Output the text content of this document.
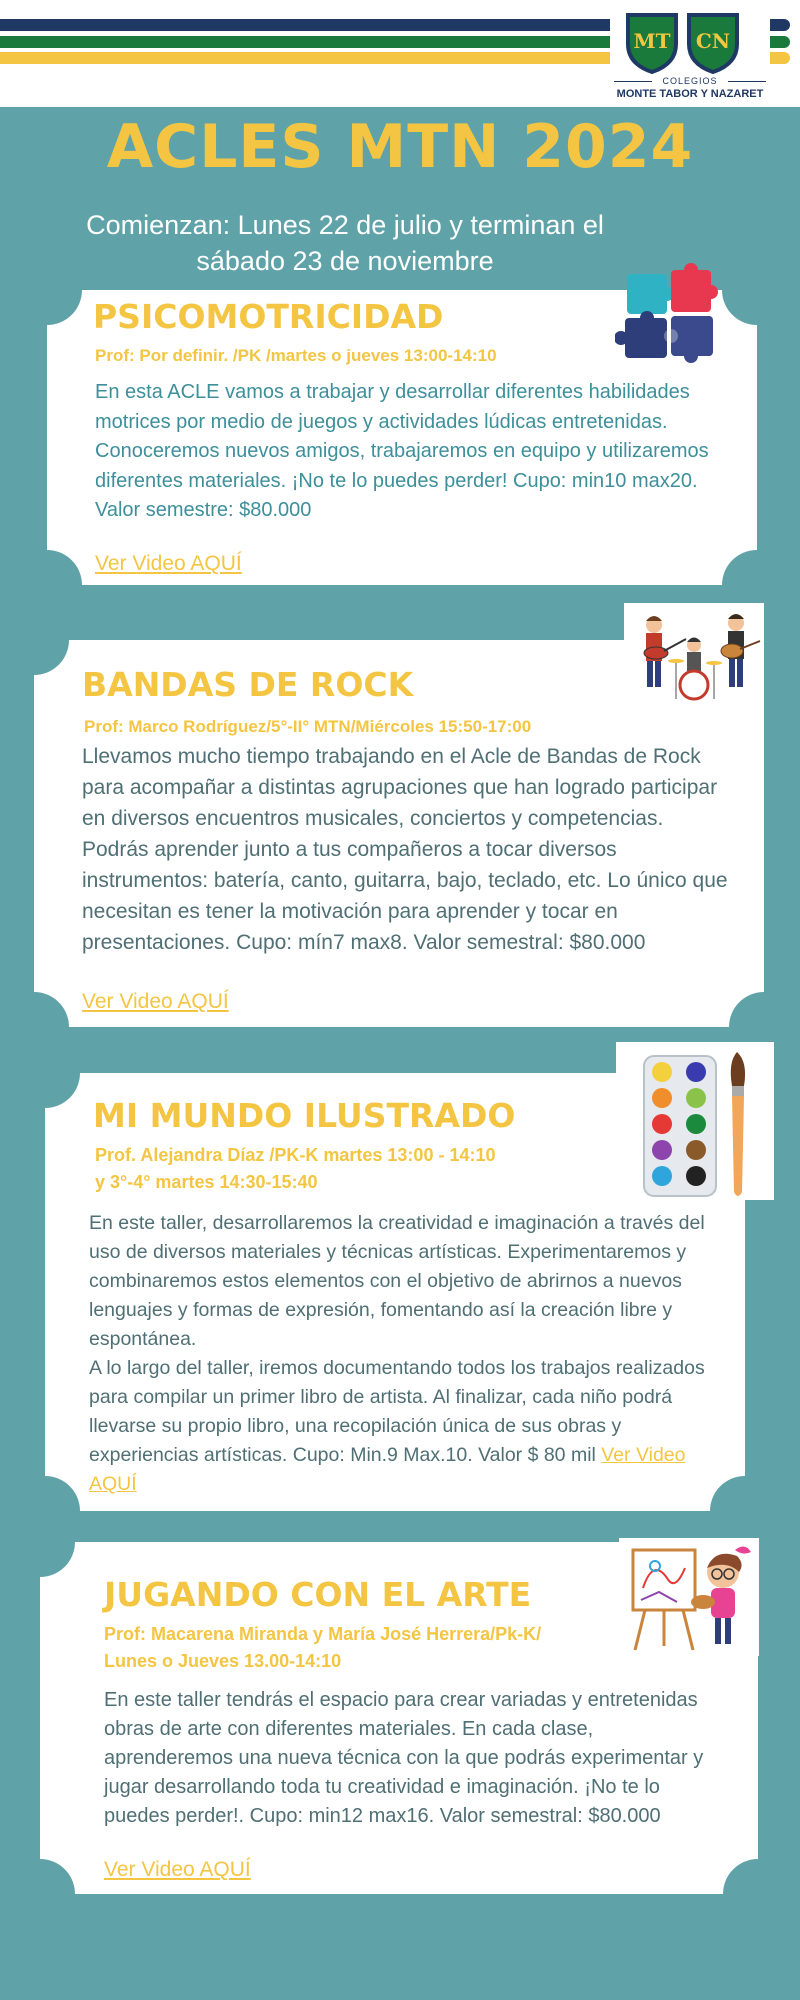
MT CN
COLEGIOS
MONTE TABOR Y NAZARET
ACLES MTN 2024
Comienzan: Lunes 22 de julio y terminan el sábado 23 de noviembre
PSICOMOTRICIDAD
Prof: Por definir. /PK /martes o jueves 13:00-14:10
En esta ACLE vamos a trabajar y desarrollar diferentes habilidades motrices por medio de juegos y actividades lúdicas entretenidas. Conoceremos nuevos amigos, trabajaremos en equipo y utilizaremos diferentes materiales. ¡No te lo puedes perder! Cupo: min10 max20. Valor semestre: $80.000
Ver Video AQUÍ
BANDAS DE ROCK
Prof: Marco Rodríguez/5°-II° MTN/Miércoles 15:50-17:00
Llevamos mucho tiempo trabajando en el Acle de Bandas de Rock para acompañar a distintas agrupaciones que han logrado participar en diversos encuentros musicales, conciertos y competencias. Podrás aprender junto a tus compañeros a tocar diversos instrumentos: batería, canto, guitarra, bajo, teclado, etc. Lo único que necesitan es tener la motivación para aprender y tocar en presentaciones. Cupo: mín7 max8. Valor semestral: $80.000
Ver Video AQUÍ
MI MUNDO ILUSTRADO
Prof. Alejandra Díaz /PK-K martes 13:00 - 14:10
y 3°-4° martes 14:30-15:40
En este taller, desarrollaremos la creatividad e imaginación a través del uso de diversos materiales y técnicas artísticas. Experimentaremos y combinaremos estos elementos con el objetivo de abrirnos a nuevos lenguajes y formas de expresión, fomentando así la creación libre y espontánea.
A lo largo del taller, iremos documentando todos los trabajos realizados para compilar un primer libro de artista. Al finalizar, cada niño podrá llevarse su propio libro, una recopilación única de sus obras y experiencias artísticas. Cupo: Min.9 Max.10. Valor $ 80 mil Ver Video AQUÍ
JUGANDO CON EL ARTE
Prof: Macarena Miranda y María José Herrera/Pk-K/
Lunes o Jueves 13.00-14:10
En este taller tendrás el espacio para crear variadas y entretenidas obras de arte con diferentes materiales. En cada clase, aprenderemos una nueva técnica con la que podrás experimentar y jugar desarrollando toda tu creatividad e imaginación. ¡No te lo puedes perder!. Cupo: min12 max16. Valor semestral: $80.000
Ver Video AQUÍ
